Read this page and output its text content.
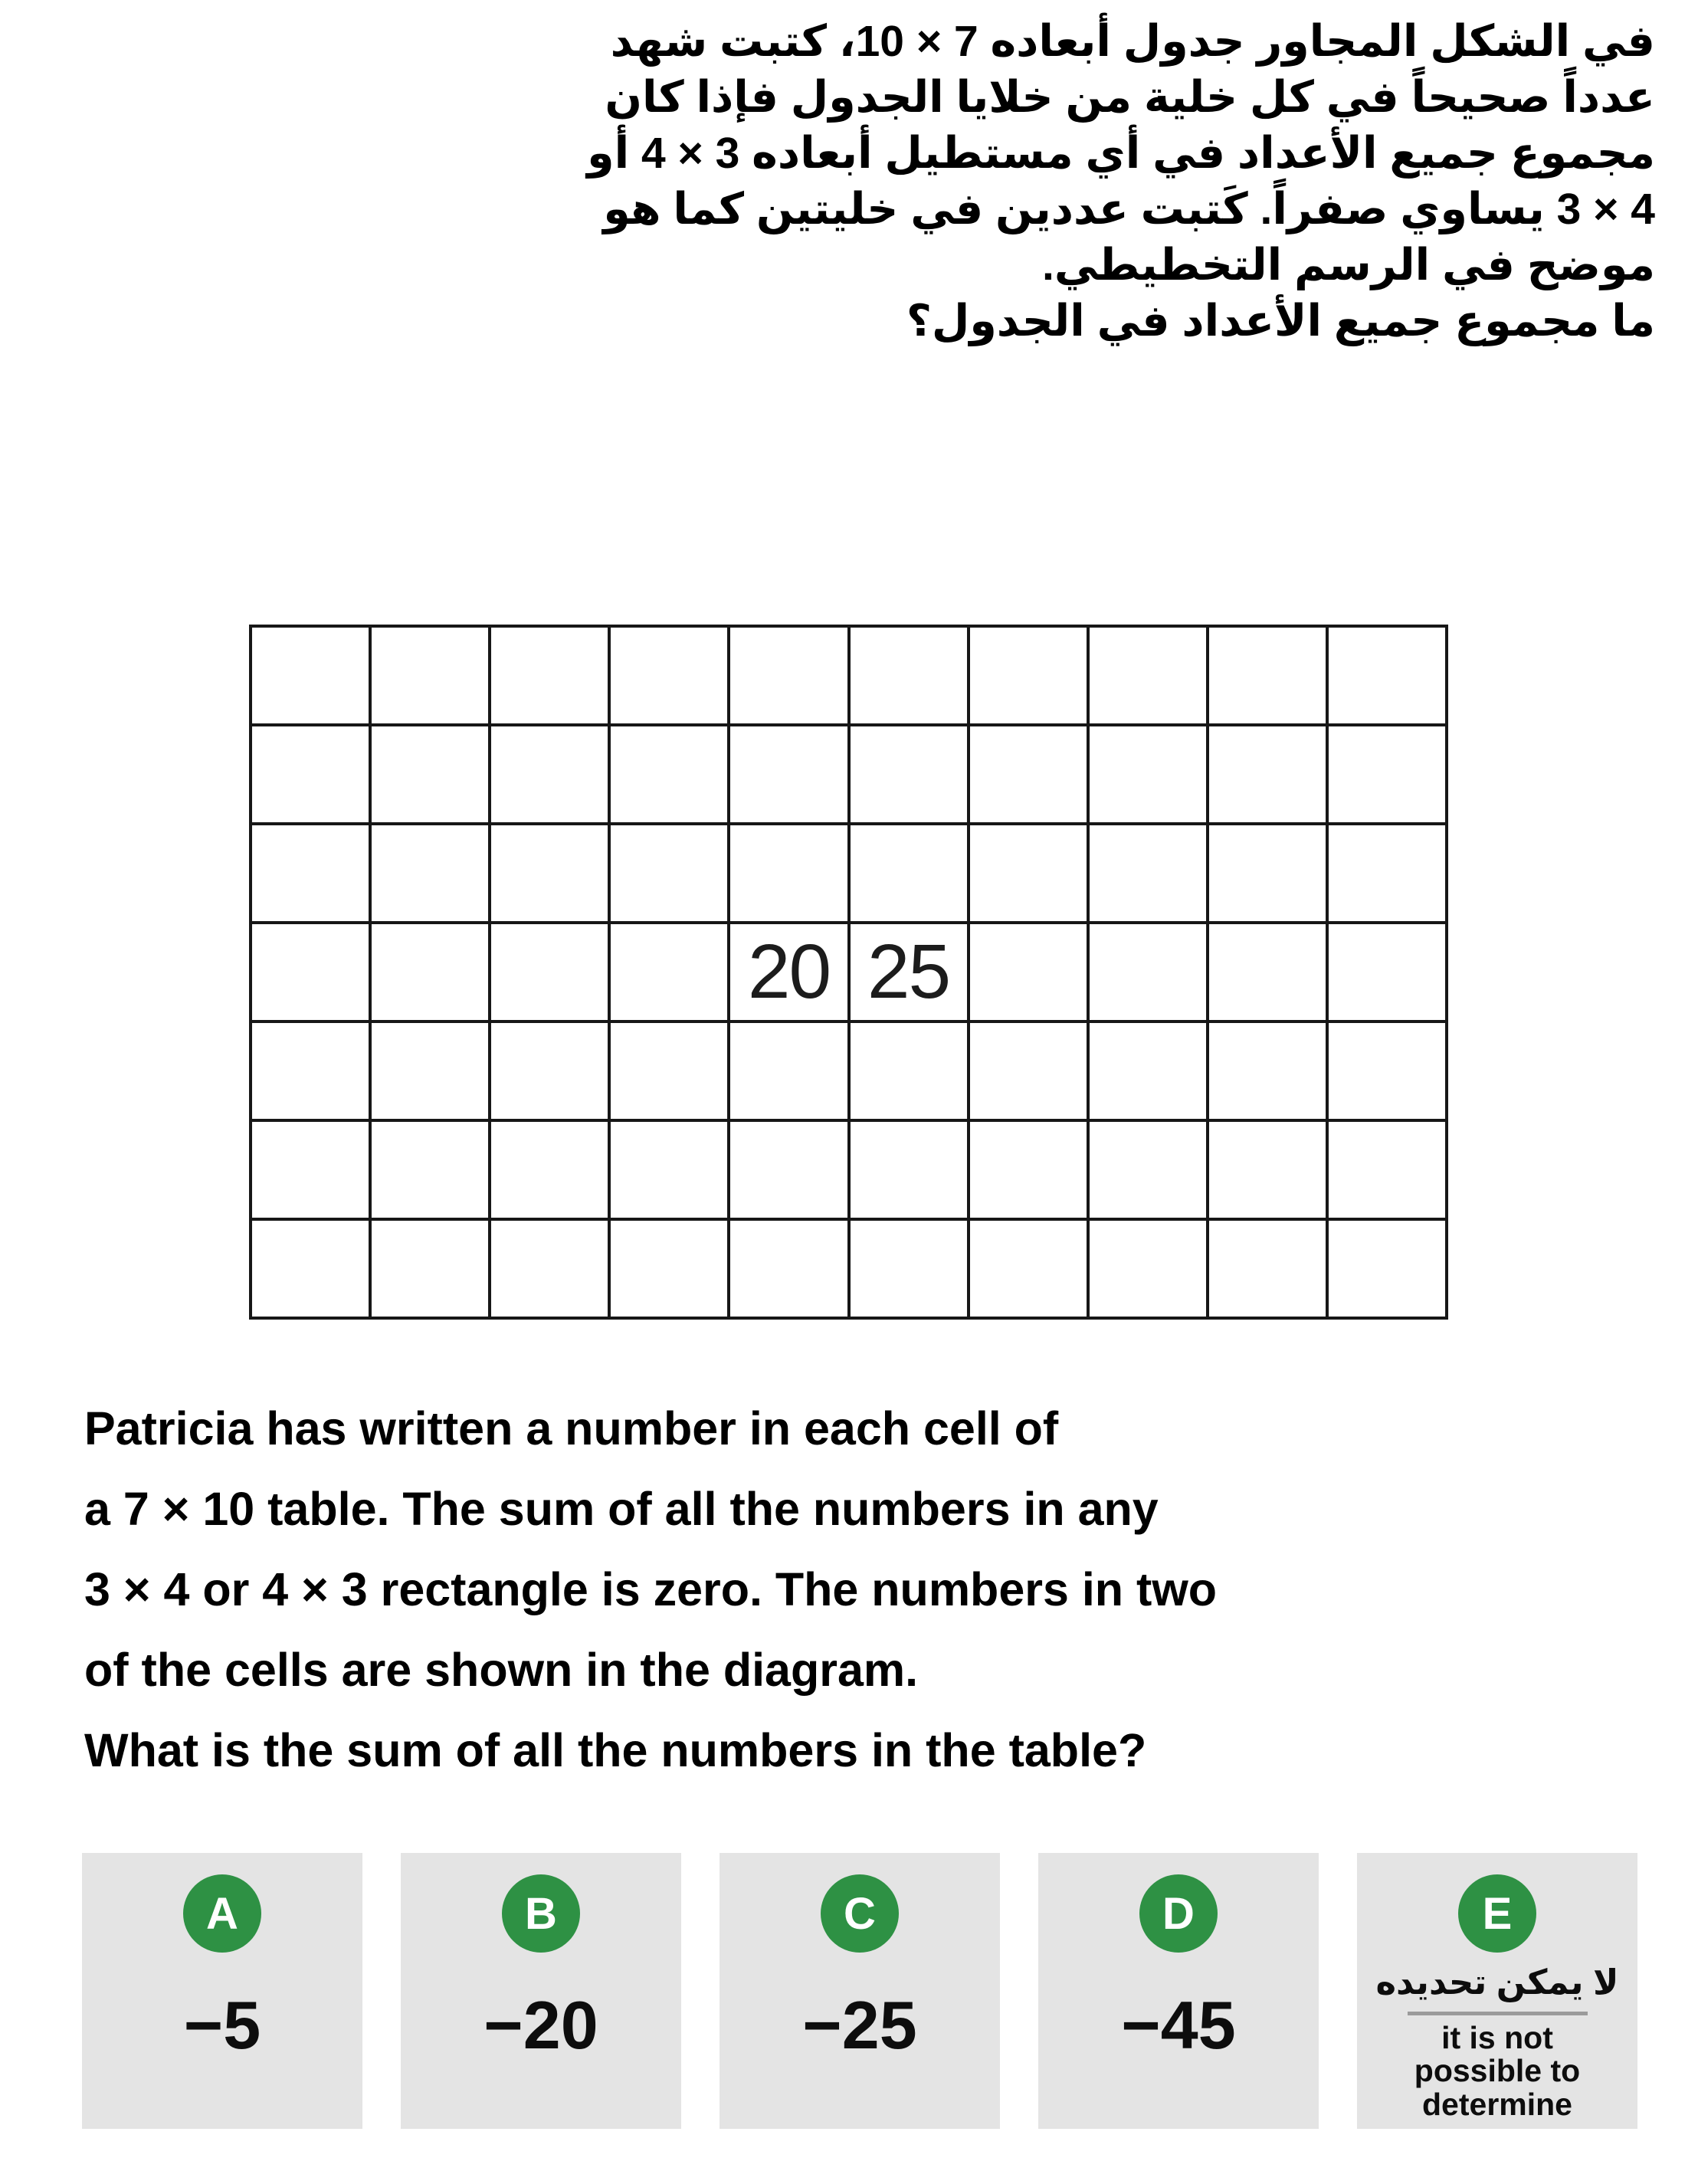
في الشكل المجاور جدول أبعاده 7 × 10، كتبت شهد
عدداً صحيحاً في كل خلية من خلايا الجدول فإذا كان
مجموع جميع الأعداد في أي مستطيل أبعاده 3 × 4 أو
4 × 3 يساوي صفراً. كَتبت عددين في خليتين كما هو
موضح في الرسم التخطيطي.
ما مجموع جميع الأعداد في الجدول؟
20 25
Patricia has written a number in each cell of
a 7 × 10 table. The sum of all the numbers in any
3 × 4 or 4 × 3 rectangle is zero. The numbers in two
of the cells are shown in the diagram.
What is the sum of all the numbers in the table?
A
−5
B
−20
C
−25
D
−45
E
لا يمكن تحديده
it is not possible to determine
